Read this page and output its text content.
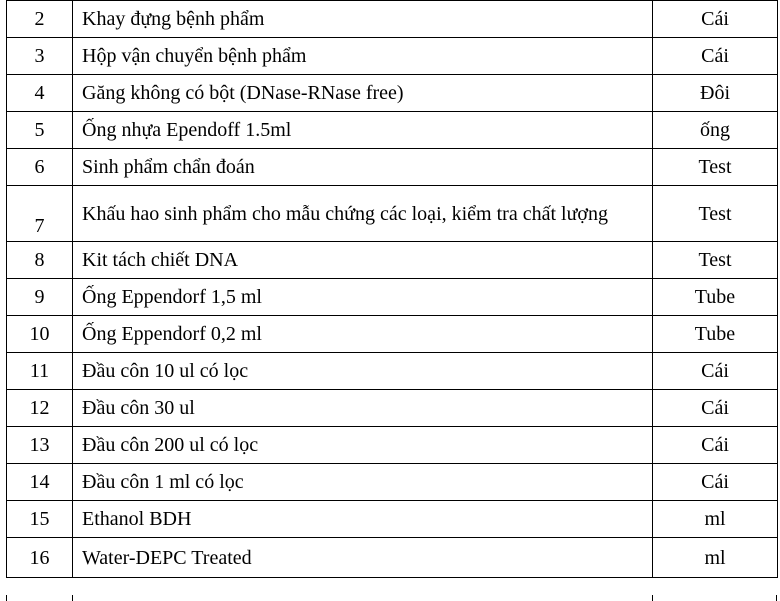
2	Khay đựng bệnh phẩm	Cái
3	Hộp vận chuyển bệnh phẩm	Cái
4	Găng không có bột (DNase-RNase free)	Đôi
5	Ống nhựa Ependoff 1.5ml	ống
6	Sinh phẩm chẩn đoán	Test
7	Khấu hao sinh phẩm cho mẫu chứng các loại, kiểm tra chất lượng	Test
8	Kit tách chiết DNA	Test
9	Ống Eppendorf 1,5 ml	Tube
10	Ống Eppendorf 0,2 ml	Tube
11	Đầu côn 10 ul có lọc	Cái
12	Đầu côn 30 ul	Cái
13	Đầu côn 200 ul có lọc	Cái
14	Đầu côn 1 ml có lọc	Cái
15	Ethanol BDH	ml
16	Water-DEPC Treated	ml
